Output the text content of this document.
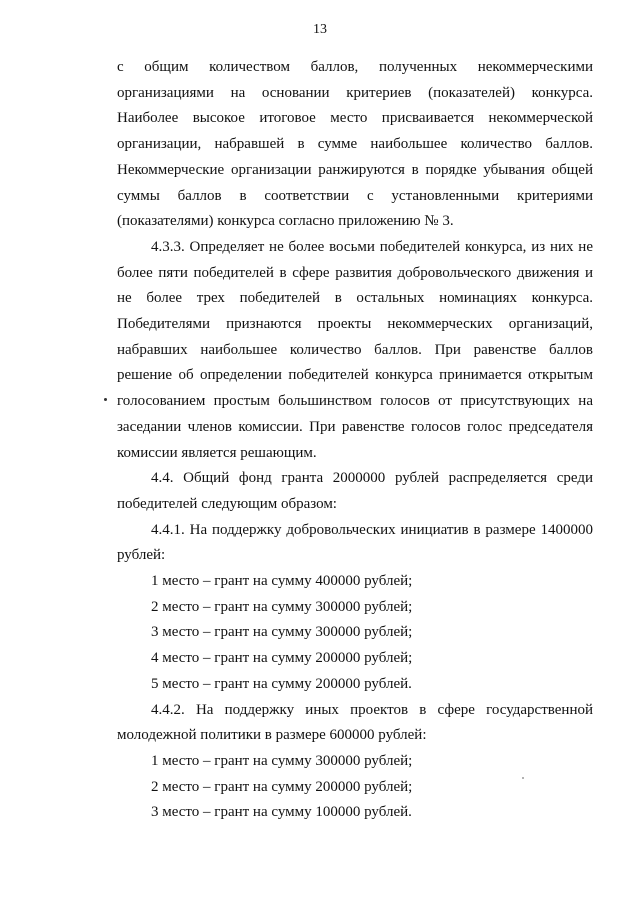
13

с общим количеством баллов, полученных некоммерческими организациями на основании критериев (показателей) конкурса. Наиболее высокое итоговое место присваивается некоммерческой организации, набравшей в сумме наибольшее количество баллов. Некоммерческие организации ранжируются в порядке убывания общей суммы баллов в соответствии с установленными критериями (показателями) конкурса согласно приложению № 3.

4.3.3. Определяет не более восьми победителей конкурса, из них не более пяти победителей в сфере развития добровольческого движения и не более трех победителей в остальных номинациях конкурса. Победителями признаются проекты некоммерческих организаций, набравших наибольшее количество баллов. При равенстве баллов решение об определении победителей конкурса принимается открытым голосованием простым большинством голосов от присутствующих на заседании членов комиссии. При равенстве голосов голос председателя комиссии является решающим.

4.4. Общий фонд гранта 2000000 рублей распределяется среди победителей следующим образом:

4.4.1. На поддержку добровольческих инициатив в размере 1400000 рублей:

1 место – грант на сумму 400000 рублей;

2 место – грант на сумму 300000 рублей;

3 место – грант на сумму 300000 рублей;

4 место – грант на сумму 200000 рублей;

5 место – грант на сумму 200000 рублей.

4.4.2. На поддержку иных проектов в сфере государственной молодежной политики в размере 600000 рублей:

1 место – грант на сумму 300000 рублей;

2 место – грант на сумму 200000 рублей;

3 место – грант на сумму 100000 рублей.
